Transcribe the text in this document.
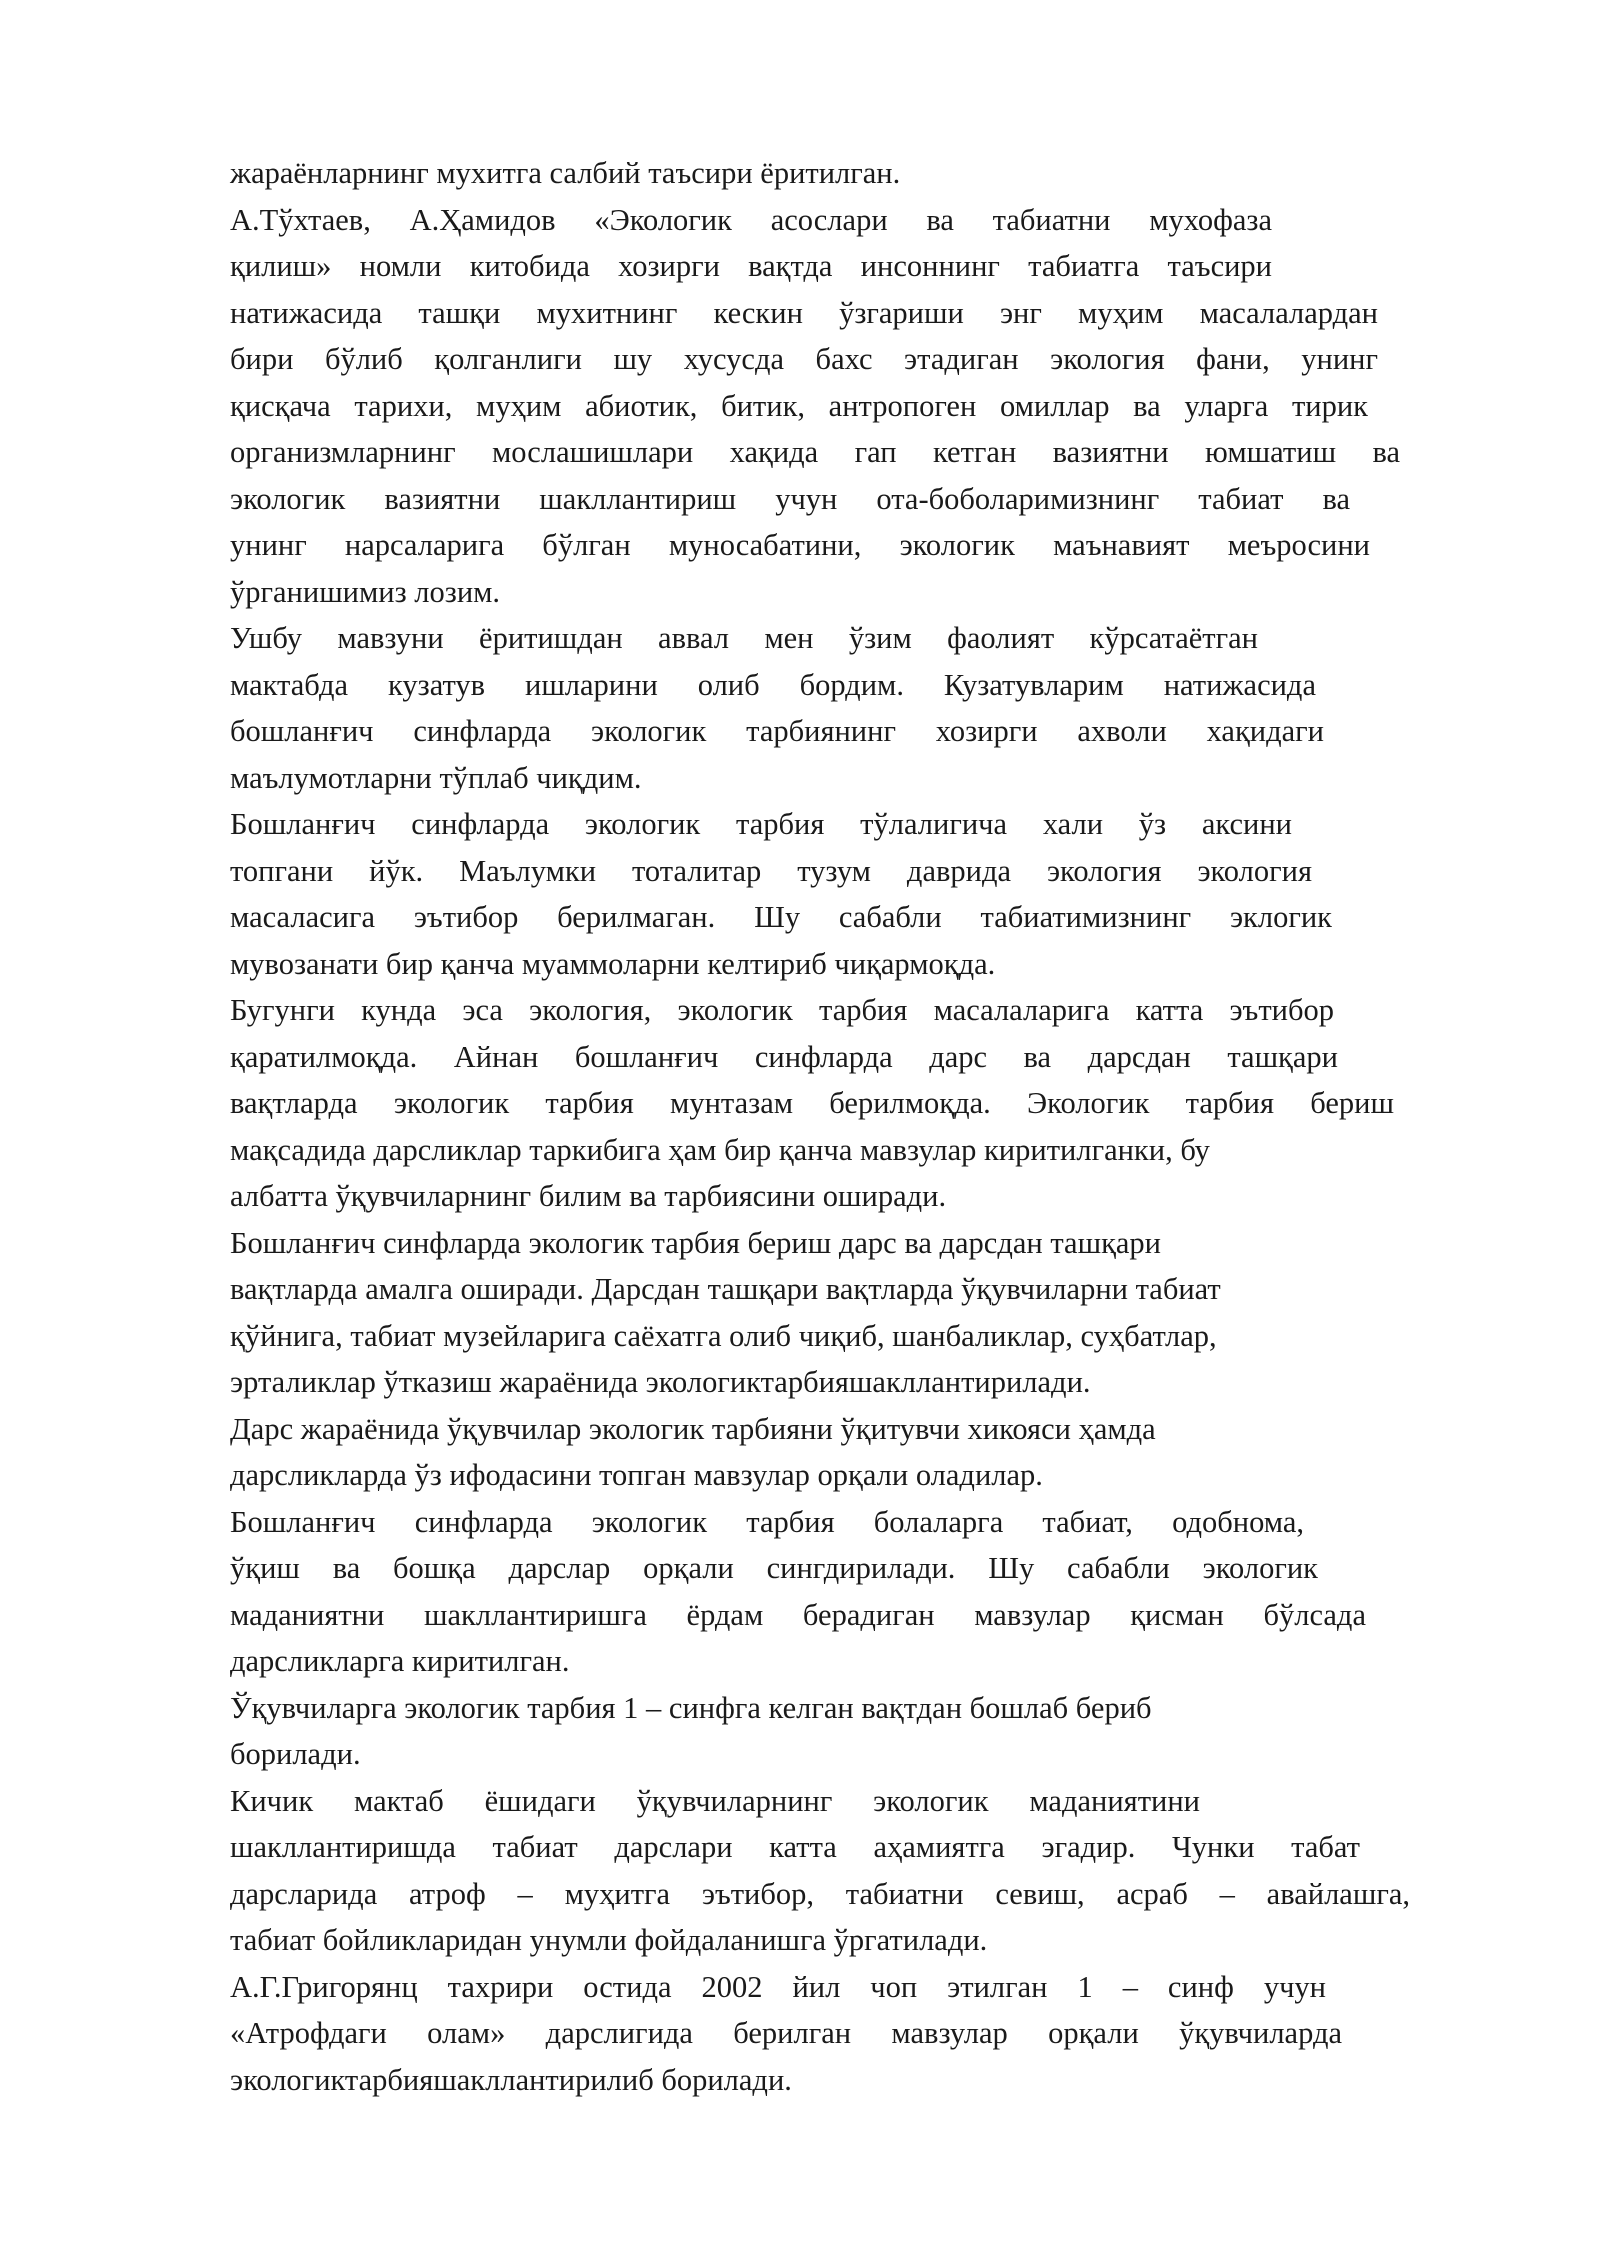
жараёнларнинг мухитга салбий таъсири ёритилган.
А.Тўхтаев, А.Ҳамидов «Экологик асослари ва табиатни мухофаза
қилиш» номли китобида хозирги вақтда инсоннинг табиатга таъсири
натижасида ташқи мухитнинг кескин ўзгариши энг муҳим масалалардан
бири бўлиб қолганлиги шу хусусда бахс этадиган экология фани, унинг
қисқача тарихи, муҳим абиотик, битик, антропоген омиллар ва уларга тирик
организмларнинг мослашишлари хақида гап кетган вазиятни юмшатиш ва
экологик вазиятни шакллантириш учун ота-боболаримизнинг табиат ва
унинг нарсаларига бўлган муносабатини, экологик маънавият меъросини
ўрганишимиз лозим.
Ушбу мавзуни ёритишдан аввал мен ўзим фаолият кўрсатаётган
мактабда кузатув ишларини олиб бордим. Кузатувларим натижасида
бошланғич синфларда экологик тарбиянинг хозирги ахволи хақидаги
маълумотларни тўплаб чиқдим.
Бошланғич синфларда экологик тарбия тўлалигича хали ўз аксини
топгани йўк. Маълумки тоталитар тузум даврида экология экология
масаласига эътибор берилмаган. Шу сабабли табиатимизнинг эклогик
мувозанати бир қанча муаммоларни келтириб чиқармоқда.
Бугунги кунда эса экология, экологик тарбия масалаларига катта эътибор
қаратилмоқда. Айнан бошланғич синфларда дарс ва дарсдан ташқари
вақтларда экологик тарбия мунтазам берилмоқда. Экологик тарбия бериш
мақсадида дарсликлар таркибига ҳам бир қанча мавзулар киритилганки, бу
албатта ўқувчиларнинг билим ва тарбиясини оширади.
Бошланғич синфларда экологик тарбия бериш дарс ва дарсдан ташқари
вақтларда амалга оширади. Дарсдан ташқари вақтларда ўқувчиларни табиат
қўйнига, табиат музейларига саёхатга олиб чиқиб, шанбаликлар, суҳбатлар,
эрталиклар ўтказиш жараёнида экологиктарбияшакллантирилади.
Дарс жараёнида ўқувчилар экологик тарбияни ўқитувчи хикояси ҳамда
дарсликларда ўз ифодасини топган мавзулар орқали оладилар.
Бошланғич синфларда экологик тарбия болаларга табиат, одобнома,
ўқиш ва бошқа дарслар орқали сингдирилади. Шу сабабли экологик
маданиятни шакллантиришга ёрдам берадиган мавзулар қисман бўлсада
дарсликларга киритилган.
Ўқувчиларга экологик тарбия 1 – синфга келган вақтдан бошлаб бериб
борилади.
Кичик мактаб ёшидаги ўқувчиларнинг экологик маданиятини
шакллантиришда табиат дарслари катта аҳамиятга эгадир. Чунки табат
дарсларида атроф – муҳитга эътибор, табиатни севиш, асраб – авайлашга,
табиат бойликларидан унумли фойдаланишга ўргатилади.
А.Г.Григорянц тахрири остида 2002 йил чоп этилган 1 – синф учун
«Атрофдаги олам» дарслигида берилган мавзулар орқали ўқувчиларда
экологиктарбияшакллантирилиб борилади.
